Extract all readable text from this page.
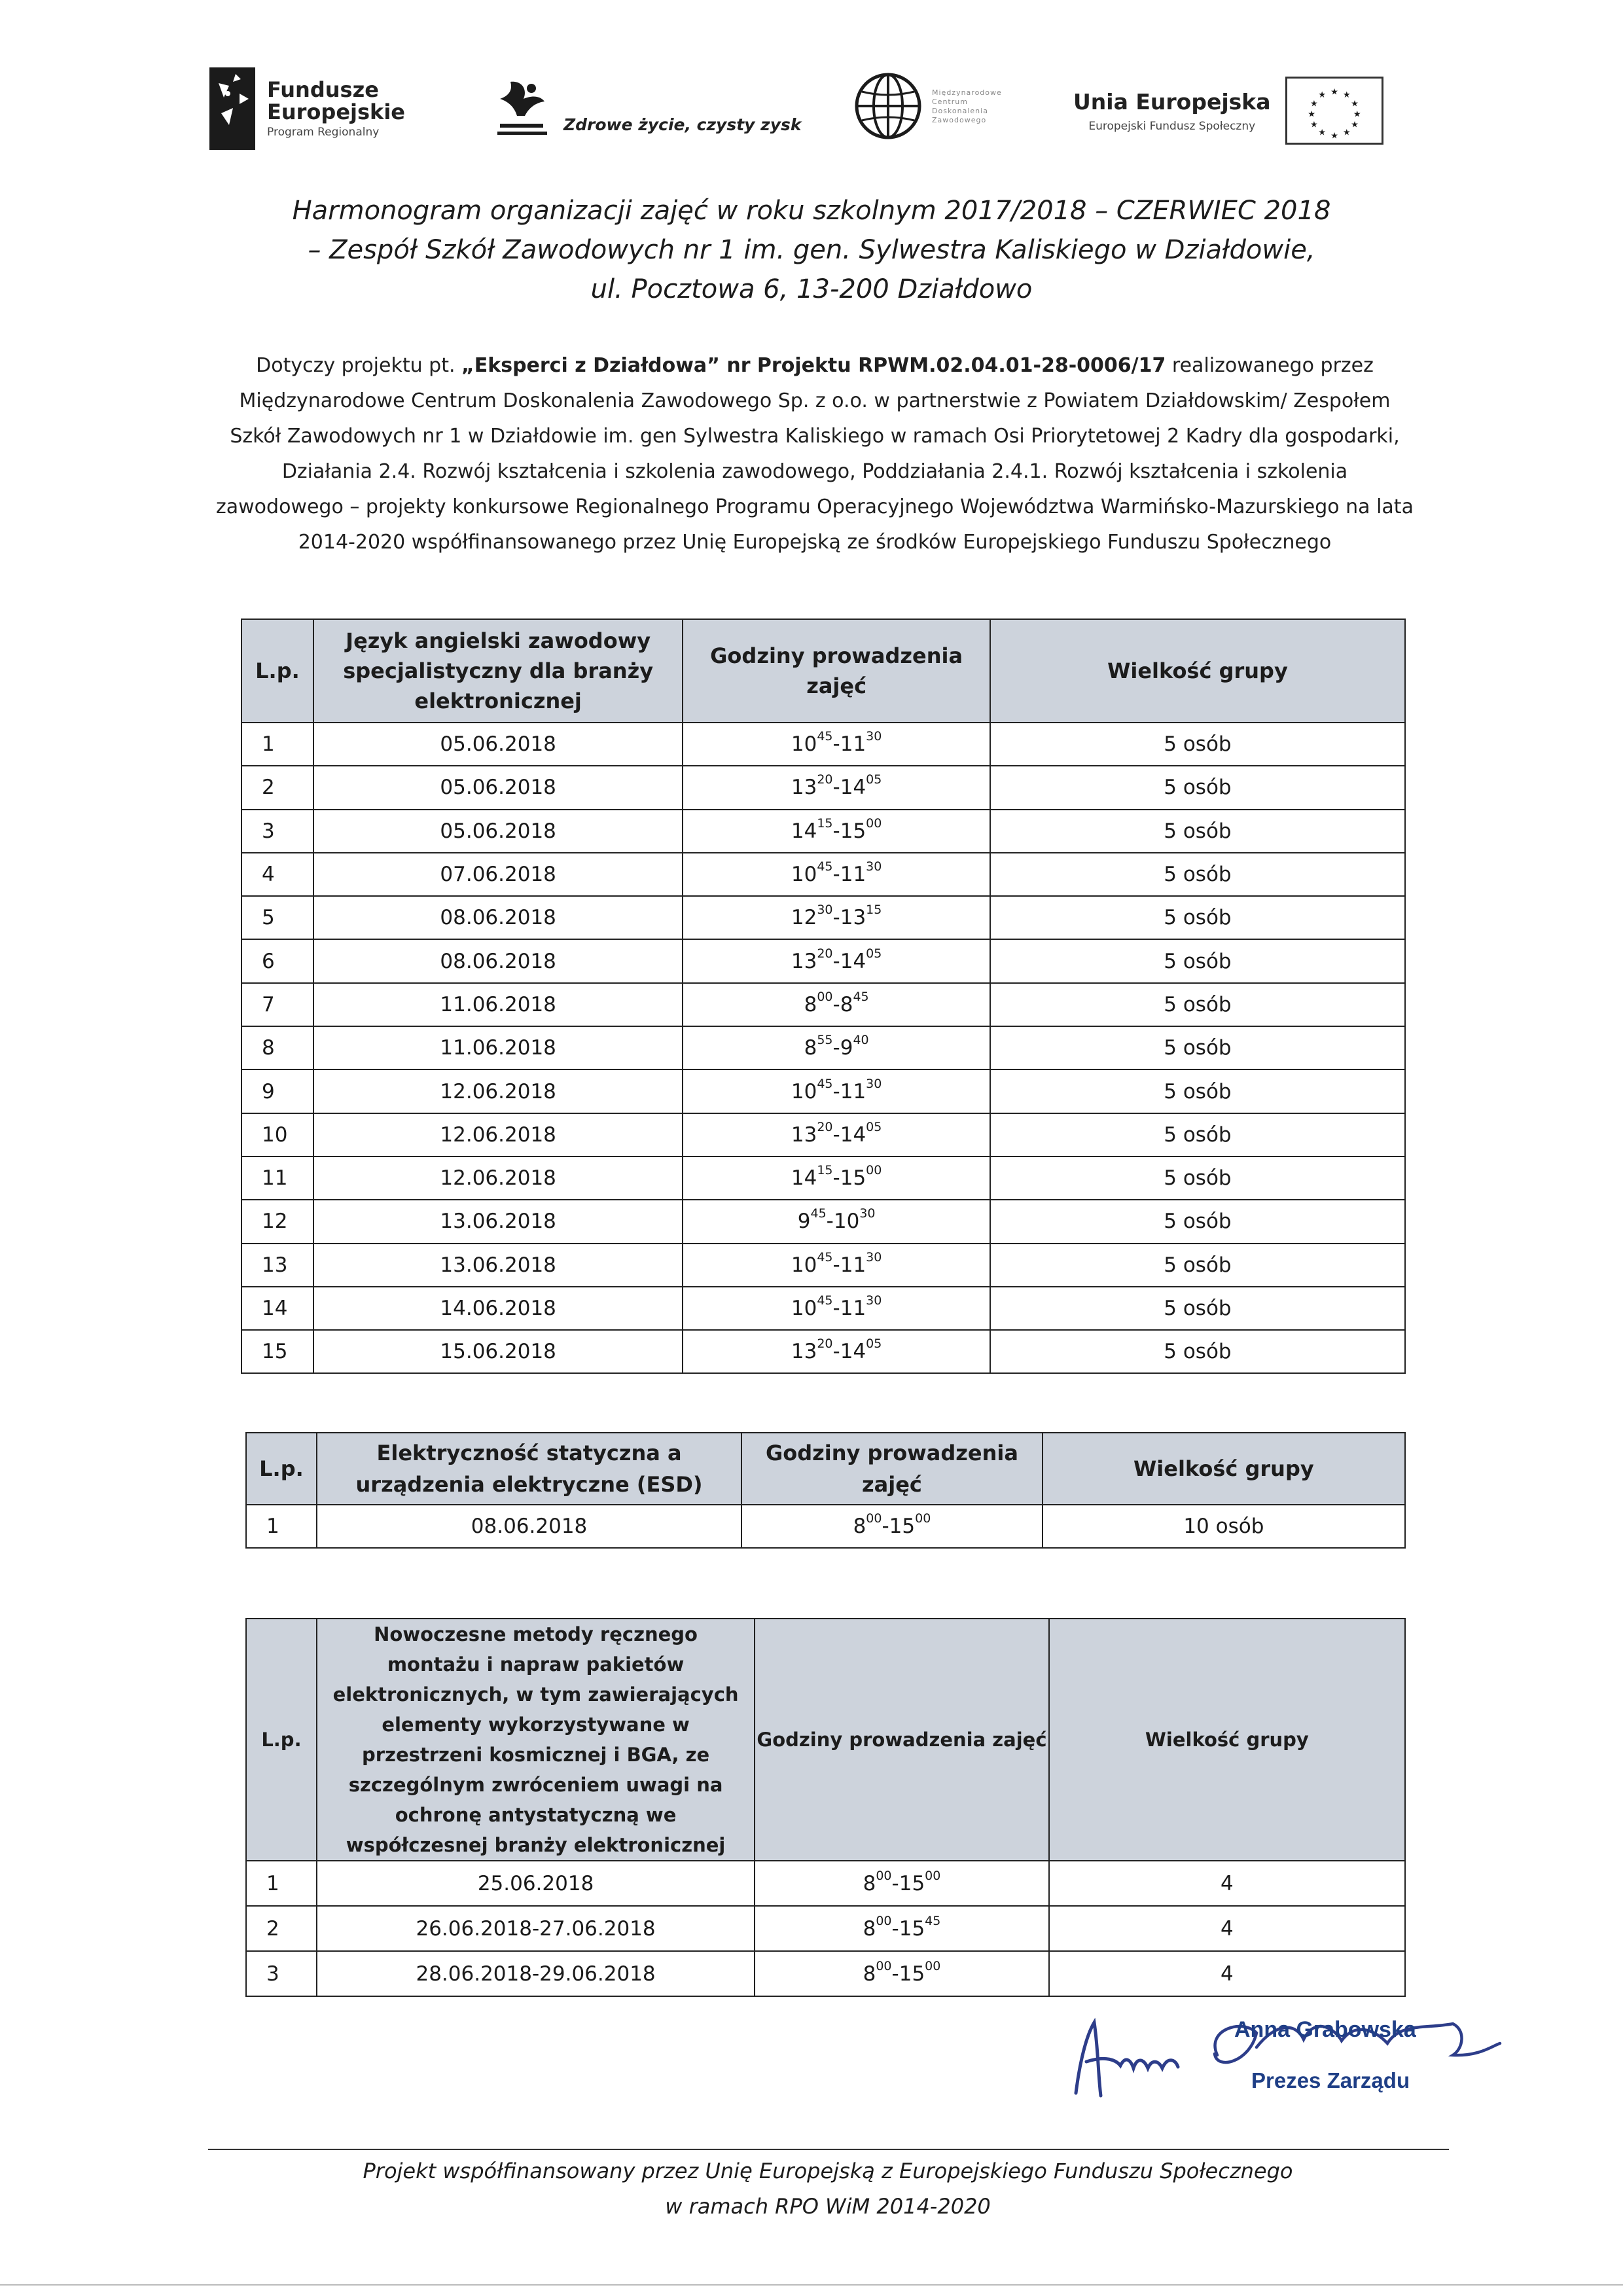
Fundusze
Europejskie
Program Regionalny	Zdrowe życie, czysty zysk
Międzynarodowe
Centrum
Doskonalenia
Zawodowego
Unia Europejska
Europejski Fundusz Społeczny
★ ★
★
★
★
★
★
★
★
★
★
★
Harmonogram organizacji zajęć w roku szkolnym 2017/2018 – CZERWIEC 2018
– Zespół Szkół Zawodowych nr 1 im. gen. Sylwestra Kaliskiego w Działdowie,
ul. Pocztowa 6, 13-200 Działdowo

Dotyczy projektu pt. „Eksperci z Działdowa” nr Projektu RPWM.02.04.01-28-0006/17 realizowanego przez Międzynarodowe Centrum Doskonalenia Zawodowego Sp. z o.o. w partnerstwie z Powiatem Działdowskim/ Zespołem Szkół Zawodowych nr 1 w Działdowie im. gen Sylwestra Kaliskiego w ramach Osi Priorytetowej 2 Kadry dla gospodarki, Działania 2.4. Rozwój kształcenia i szkolenia zawodowego, Poddziałania 2.4.1. Rozwój kształcenia i szkolenia zawodowego – projekty konkursowe Regionalnego Programu Operacyjnego Województwa Warmińsko-Mazurskiego na lata 2014-2020 współfinansowanego przez Unię Europejską ze środków Europejskiego Funduszu Społecznego

L.p.	Język angielski zawodowy specjalistyczny dla branży elektronicznej	Godziny prowadzenia zajęć	Wielkość grupy
1	05.06.2018	$10^{45}-11^{30}$	5 osób
2	05.06.2018	$13^{20}-14^{05}$	5 osób
3	05.06.2018	$14^{15}-15^{00}$	5 osób
4	07.06.2018	$10^{45}-11^{30}$	5 osób
5	08.06.2018	$12^{30}-13^{15}$	5 osób
6	08.06.2018	$13^{20}-14^{05}$	5 osób
7	11.06.2018	$8^{00}-8^{45}$	5 osób
8	11.06.2018	$8^{55}-9^{40}$	5 osób
9	12.06.2018	$10^{45}-11^{30}$	5 osób
10	12.06.2018	$13^{20}-14^{05}$	5 osób
11	12.06.2018	$14^{15}-15^{00}$	5 osób
12	13.06.2018	$9^{45}-10^{30}$	5 osób
13	13.06.2018	$10^{45}-11^{30}$	5 osób
14	14.06.2018	$10^{45}-11^{30}$	5 osób
15	15.06.2018	$13^{20}-14^{05}$	5 osób
L.p.	Elektryczność statyczna a urządzenia elektryczne (ESD)	Godziny prowadzenia zajęć	Wielkość grupy
1	08.06.2018	$8^{00}-15^{00}$	10 osób
L.p.	Nowoczesne metody ręcznego montażu i napraw pakietów elektronicznych, w tym zawierających elementy wykorzystywane w przestrzeni kosmicznej i BGA, ze szczególnym zwróceniem uwagi na ochronę antystatyczną we współczesnej branży elektronicznej	Godziny prowadzenia zajęć	Wielkość grupy
1	25.06.2018	$8^{00}-15^{00}$	4
2	26.06.2018-27.06.2018	$8^{00}-15^{45}$	4
3	28.06.2018-29.06.2018	$8^{00}-15^{00}$	4
Anna Grabowska
Prezes Zarządu
Projekt współfinansowany przez Unię Europejską z Europejskiego Funduszu Społecznego
w ramach RPO WiM 2014-2020
